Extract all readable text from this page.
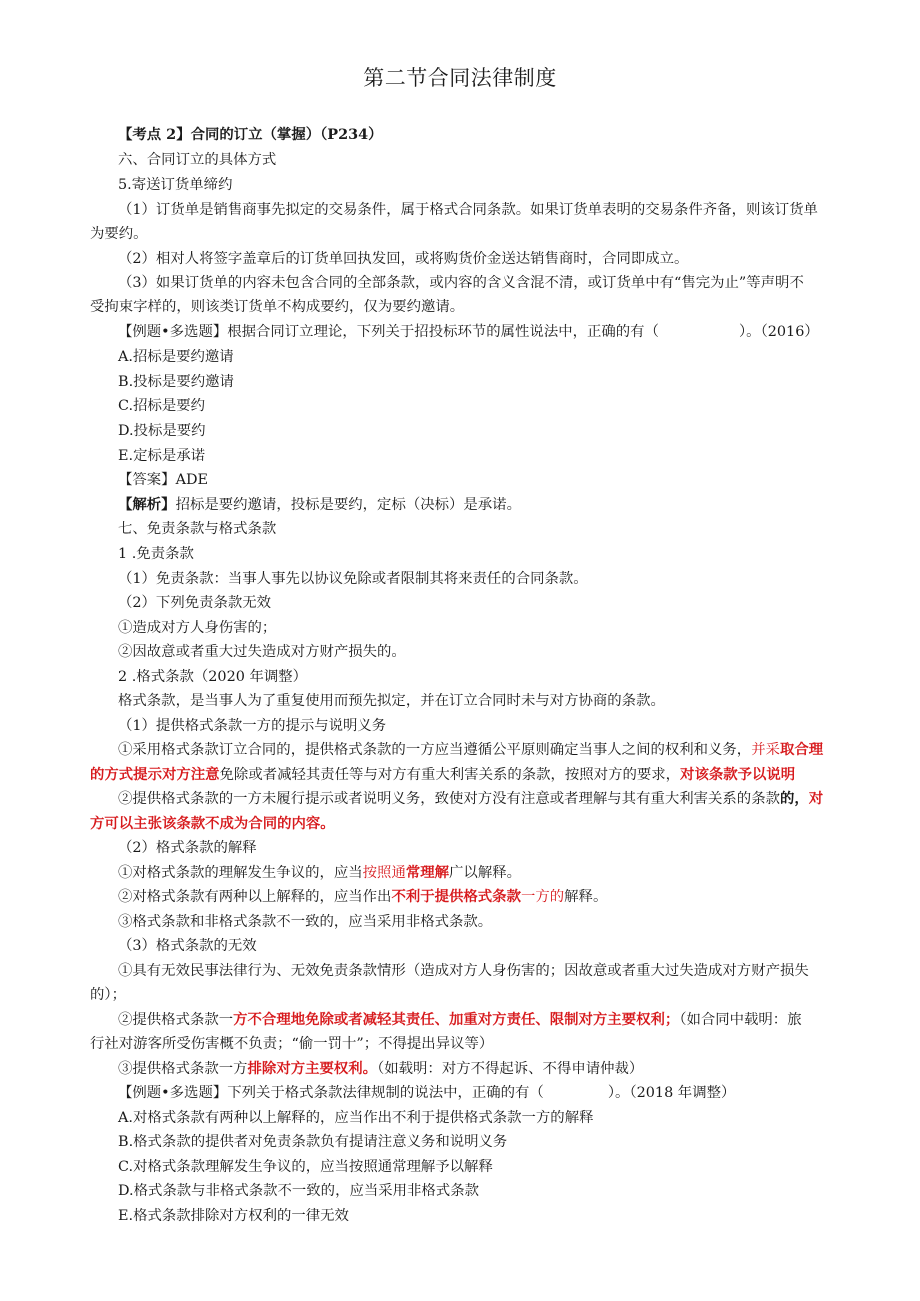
第二节合同法律制度
【考点 2】合同的订立（掌握）（P234）
六、合同订立的具体方式
5.寄送订货单缔约
（1）订货单是销售商事先拟定的交易条件，属于格式合同条款。如果订货单表明的交易条件齐备，则该订货单
为要约。
（2）相对人将签字盖章后的订货单回执发回，或将购货价金送达销售商时，合同即成立。
（3）如果订货单的内容未包含合同的全部条款，或内容的含义含混不清，或订货单中有“售完为止”等声明不
受拘束字样的，则该类订货单不构成要约，仅为要约邀请。
【例题•多选题】根据合同订立理论，下列关于招投标环节的属性说法中，正确的有（	）。（2016）
A.招标是要约邀请
B.投标是要约邀请
C.招标是要约
D.投标是要约
E.定标是承诺
【答案】ADE
【解析】招标是要约邀请，投标是要约，定标（决标）是承诺。
七、免责条款与格式条款
1 .免责条款
（1）免责条款：当事人事先以协议免除或者限制其将来责任的合同条款。
（2）下列免责条款无效
①造成对方人身伤害的；
②因故意或者重大过失造成对方财产损失的。
2 .格式条款（2020 年调整）
格式条款，是当事人为了重复使用而预先拟定，并在订立合同时未与对方协商的条款。
（1）提供格式条款一方的提示与说明义务
①采用格式条款订立合同的，提供格式条款的一方应当遵循公平原则确定当事人之间的权利和义务，并采取合理
的方式提示对方注意免除或者减轻其责任等与对方有重大利害关系的条款，按照对方的要求，对该条款予以说明
②提供格式条款的一方未履行提示或者说明义务，致使对方没有注意或者理解与其有重大利害关系的条款的，对
方可以主张该条款不成为合同的内容。
（2）格式条款的解释
①对格式条款的理解发生争议的，应当按照通常理解广以解释。
②对格式条款有两种以上解释的，应当作出不利于提供格式条款一方的解释。
③格式条款和非格式条款不一致的，应当采用非格式条款。
（3）格式条款的无效
①具有无效民事法律行为、无效免责条款情形（造成对方人身伤害的；因故意或者重大过失造成对方财产损失
的）；
②提供格式条款一方不合理地免除或者减轻其责任、加重对方责任、限制对方主要权利；（如合同中载明：旅
行社对游客所受伤害概不负责；“偷一罚十”；不得提出异议等）
③提供格式条款一方排除对方主要权利。（如载明：对方不得起诉、不得申请仲裁）
【例题•多选题】下列关于格式条款法律规制的说法中，正确的有（	）。（2018 年调整）
A.对格式条款有两种以上解释的，应当作出不利于提供格式条款一方的解释
B.格式条款的提供者对免责条款负有提请注意义务和说明义务
C.对格式条款理解发生争议的，应当按照通常理解予以解释
D.格式条款与非格式条款不一致的，应当采用非格式条款
E.格式条款排除对方权利的一律无效
